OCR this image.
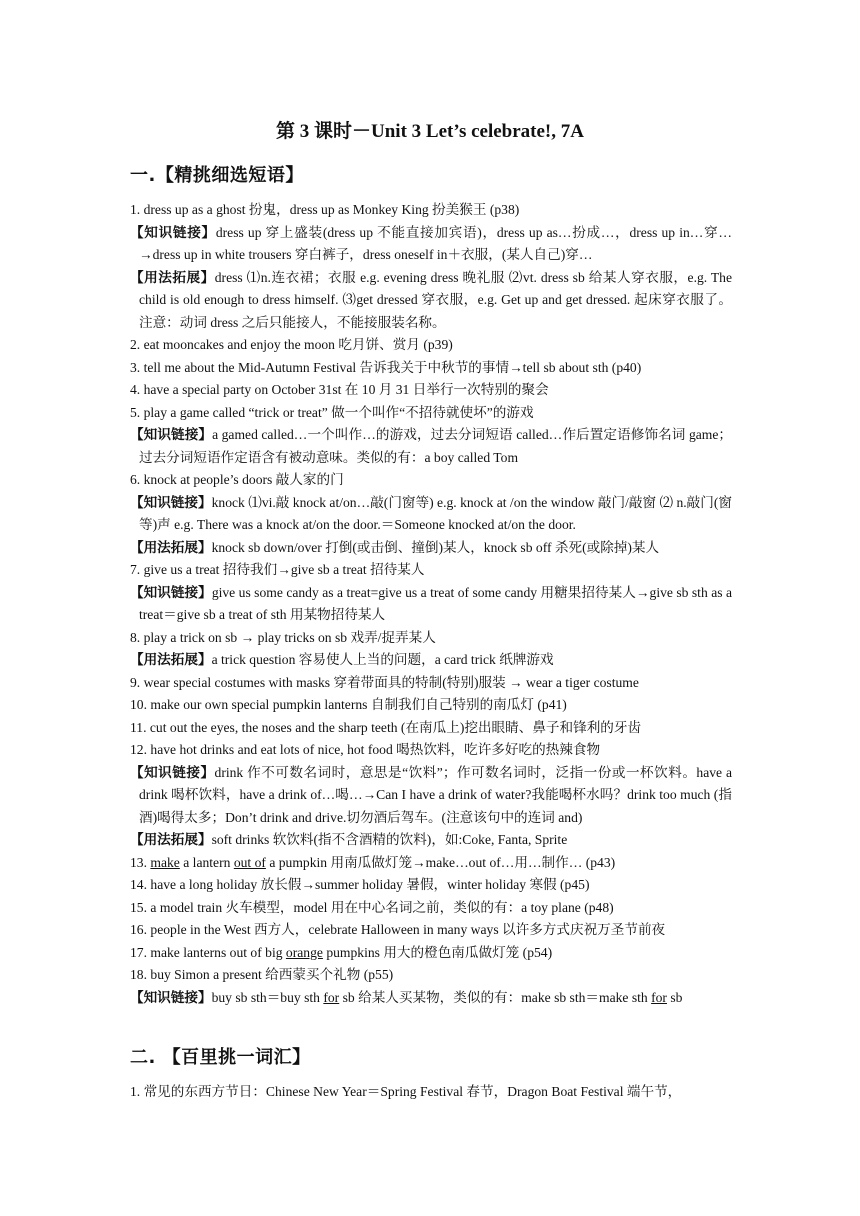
第 3 课时－Unit 3 Let’s celebrate!, 7A
一.【精挑细选短语】

1. dress up as a ghost 扮鬼，dress up as Monkey King 扮美猴王 (p38)

【知识链接】dress up 穿上盛装(dress up 不能直接加宾语)，dress up as…扮成…，dress up in…穿…→dress up in white trousers 穿白裤子，dress oneself in＋衣服，(某人自己)穿…

【用法拓展】dress ⑴n.连衣裙；衣服 e.g. evening dress 晚礼服 ⑵vt. dress sb 给某人穿衣服，e.g. The child is old enough to dress himself. ⑶get dressed 穿衣服，e.g. Get up and get dressed. 起床穿衣服了。注意：动词 dress 之后只能接人，不能接服装名称。

2. eat mooncakes and enjoy the moon 吃月饼、赏月 (p39)

3. tell me about the Mid-Autumn Festival 告诉我关于中秋节的事情→tell sb about sth (p40)

4. have a special party on October 31st 在 10 月 31 日举行一次特别的聚会

5. play a game called “trick or treat” 做一个叫作“不招待就使坏”的游戏

【知识链接】a gamed called…一个叫作…的游戏，过去分词短语 called…作后置定语修饰名词 game；过去分词短语作定语含有被动意味。类似的有：a boy called Tom

6. knock at people’s doors 敲人家的门

【知识链接】knock ⑴vi.敲 knock at/on…敲(门窗等) e.g. knock at /on the window 敲门/敲窗 ⑵ n.敲门(窗等)声 e.g. There was a knock at/on the door.＝Someone knocked at/on the door.

【用法拓展】knock sb down/over 打倒(或击倒、撞倒)某人，knock sb off 杀死(或除掉)某人

7. give us a treat 招待我们→give sb a treat 招待某人

【知识链接】give us some candy as a treat=give us a treat of some candy 用糖果招待某人→give sb sth as a treat＝give sb a treat of sth 用某物招待某人

8. play a trick on sb → play tricks on sb 戏弄/捉弄某人

【用法拓展】a trick question 容易使人上当的问题，a card trick 纸牌游戏

9. wear special costumes with masks 穿着带面具的特制(特别)服装 → wear a tiger costume

10. make our own special pumpkin lanterns 自制我们自己特别的南瓜灯 (p41)

11. cut out the eyes, the noses and the sharp teeth (在南瓜上)挖出眼睛、鼻子和锋利的牙齿

12. have hot drinks and eat lots of nice, hot food 喝热饮料，吃许多好吃的热辣食物

【知识链接】drink 作不可数名词时，意思是“饮料”；作可数名词时，泛指一份或一杯饮料。have a drink 喝杯饮料，have a drink of…喝…→Can I have a drink of water?我能喝杯水吗？drink too much (指酒)喝得太多；Don’t drink and drive.切勿酒后驾车。(注意该句中的连词 and)

【用法拓展】soft drinks 软饮料(指不含酒精的饮料)，如:Coke, Fanta, Sprite

13. make a lantern out of a pumpkin 用南瓜做灯笼→make…out of…用…制作… (p43)

14. have a long holiday 放长假→summer holiday 暑假，winter holiday 寒假 (p45)

15. a model train 火车模型，model 用在中心名词之前，类似的有：a toy plane (p48)

16. people in the West 西方人，celebrate Halloween in many ways 以许多方式庆祝万圣节前夜

17. make lanterns out of big orange pumpkins 用大的橙色南瓜做灯笼 (p54)

18. buy Simon a present 给西蒙买个礼物 (p55)

【知识链接】buy sb sth＝buy sth for sb 给某人买某物，类似的有：make sb sth＝make sth for sb

二. 【百里挑一词汇】
1. 常见的东西方节日：Chinese New Year＝Spring Festival 春节，Dragon Boat Festival 端午节，
